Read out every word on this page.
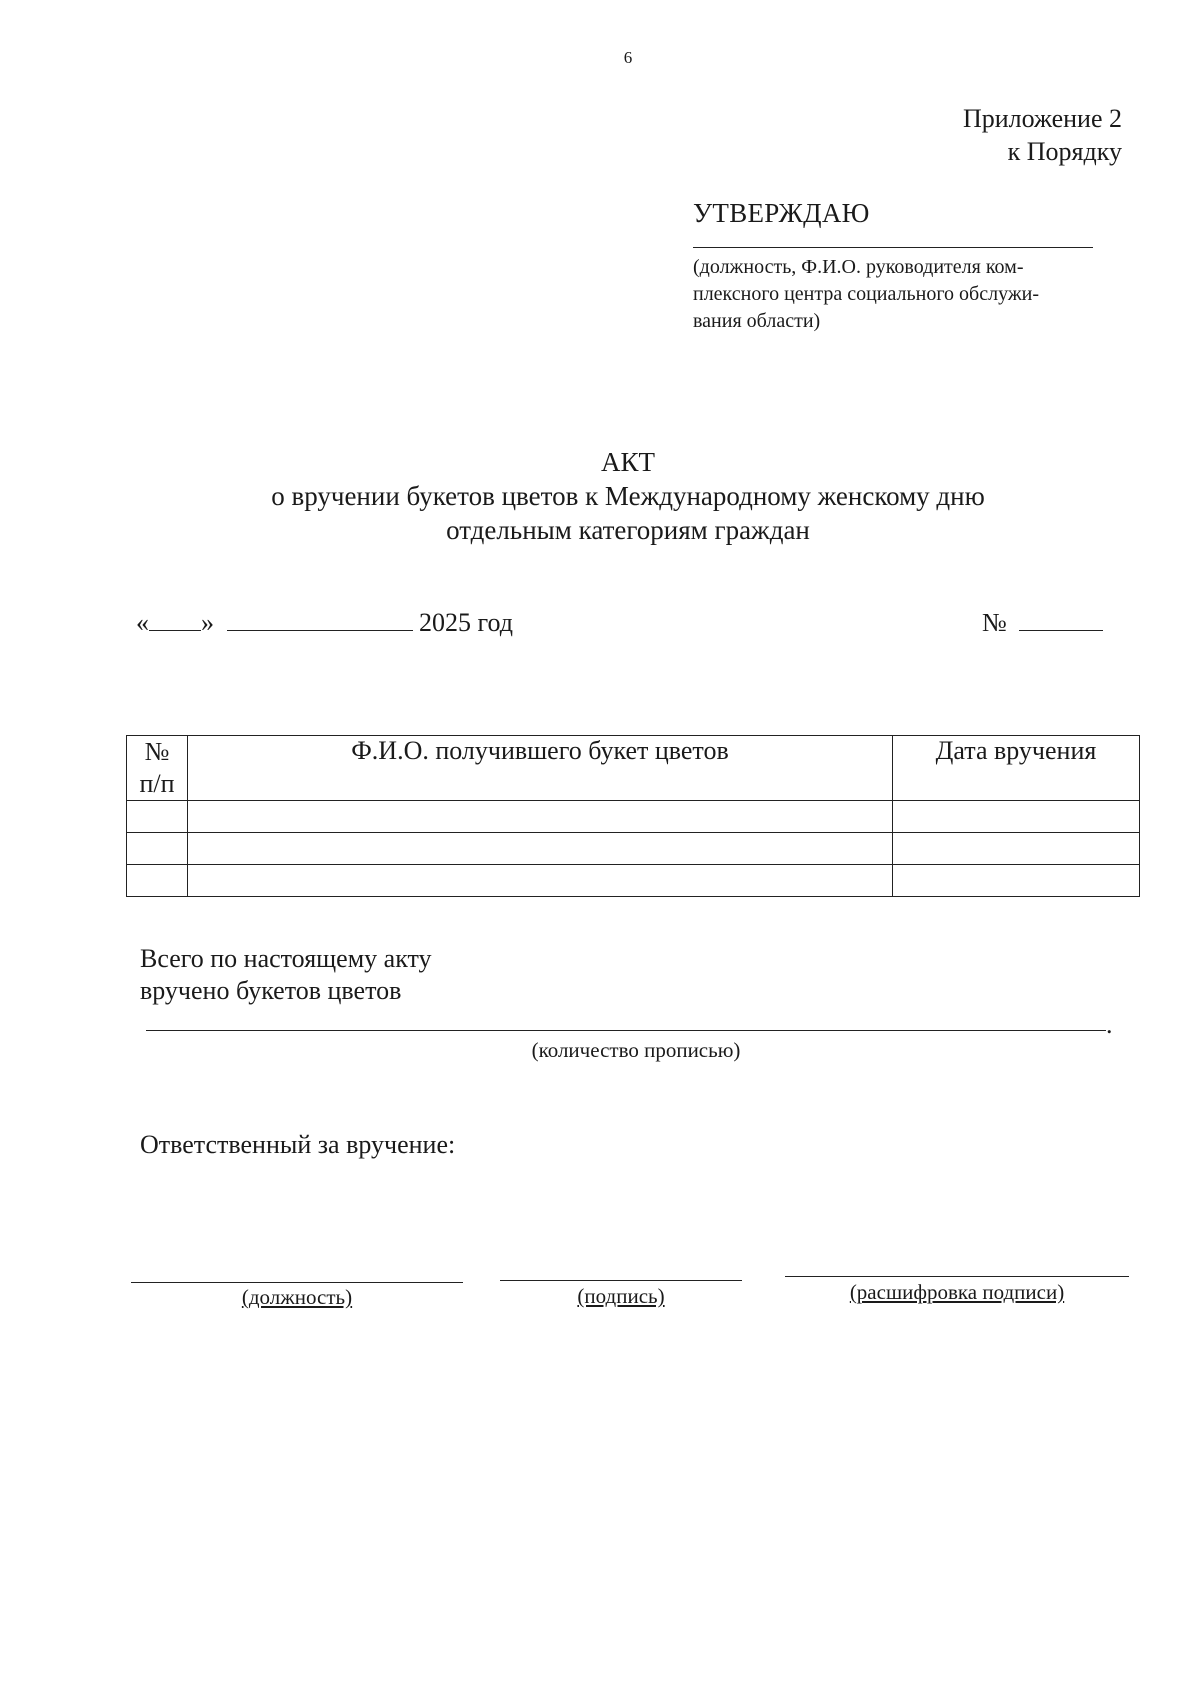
6
Приложение 2
к Порядку
УТВЕРЖДАЮ
(должность, Ф.И.О. руководителя ком-
плексного центра социального обслужи-
вания области)
АКТ
о вручении букетов цветов к Международному женскому дню
отдельным категориям граждан
« »	2025 год	№
№
п/п	Ф.И.О. получившего букет цветов	Дата вручения

Всего по настоящему акту
вручено букетов цветов
.
(количество прописью)
Ответственный за вручение:
(должность)	(подпись)	(расшифровка подписи)
